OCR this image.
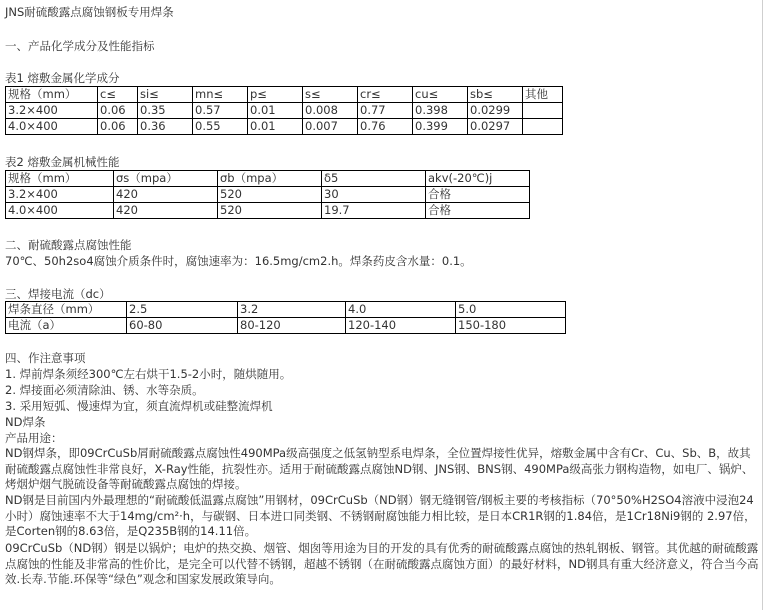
JNS耐硫酸露点腐蚀钢板专用焊条
一、产品化学成分及性能指标
表1 熔敷金属化学成分
规格（mm）	c≤	si≤	mn≤	p≤	s≤	cr≤	cu≤	sb≤	其他
3.2×400	0.06	0.35	0.57	0.01	0.008	0.77	0.398	0.0299	
4.0×400	0.06	0.36	0.55	0.01	0.007	0.76	0.399	0.0297	
表2 熔敷金属机械性能
规格（mm）	σs（mpa）	σb（mpa）	δ5	akv(-20℃)j
3.2×400	420	520	30	合格
4.0×400	420	520	19.7	合格
二、耐硫酸露点腐蚀性能
70℃、50h2so4腐蚀介质条件时，腐蚀速率为：16.5mg/cm2.h。焊条药皮含水量：0.1。
三、焊接电流（dc）
焊条直径（mm）	2.5	3.2	4.0	5.0
电流（a）	60-80	80-120	120-140	150-180
四、作注意事项
1. 焊前焊条须经300℃左右烘干1.5-2小时，随烘随用。
2. 焊接面必须清除油、锈、水等杂质。
3. 采用短弧、慢速焊为宜，须直流焊机或硅整流焊机
ND焊条
产品用途：
ND钢焊条，即09CrCuSb屑耐硫酸露点腐蚀性490MPa级高强度之低氢钠型系电焊条，全位置焊接性优异，熔敷金属中含有Cr、Cu、Sb、B，故其耐硫酸露点腐蚀性非常良好，X-Ray性能，抗裂性亦。适用于耐硫酸露点腐蚀ND钢、JNS钢、BNS钢、490MPa级高张力钢构造物，如电厂、锅炉、烤烟炉烟气脱硫设备等耐硫酸露点腐蚀的焊接。
ND钢是目前国内外最理想的“耐硫酸低温露点腐蚀”用钢材，09CrCuSb（ND钢）钢无缝钢管/钢板主要的考核指标（70°50%H2SO4溶液中浸泡24 小时）腐蚀速率不大于14mg/cm²·h，与碳钢、日本进口同类钢、不锈钢耐腐蚀能力相比较，是日本CR1R钢的1.84倍，是1Cr18Ni9钢的 2.97倍，是Corten钢的8.63倍，是Q235B钢的14.11倍。
09CrCuSb（ND钢）钢是以锅炉；电炉的热交换、烟管、烟囱等用途为目的开发的具有优秀的耐硫酸露点腐蚀的热轧钢板、钢管。其优越的耐硫酸露点腐蚀的性能及非常高的性价比，是完全可以代替不锈钢，超越不锈钢（在耐硫酸露点腐蚀方面）的最好材料，ND钢具有重大经济意义，符合当今高效.长寿.节能.环保等“绿色”观念和国家发展政策导向。
